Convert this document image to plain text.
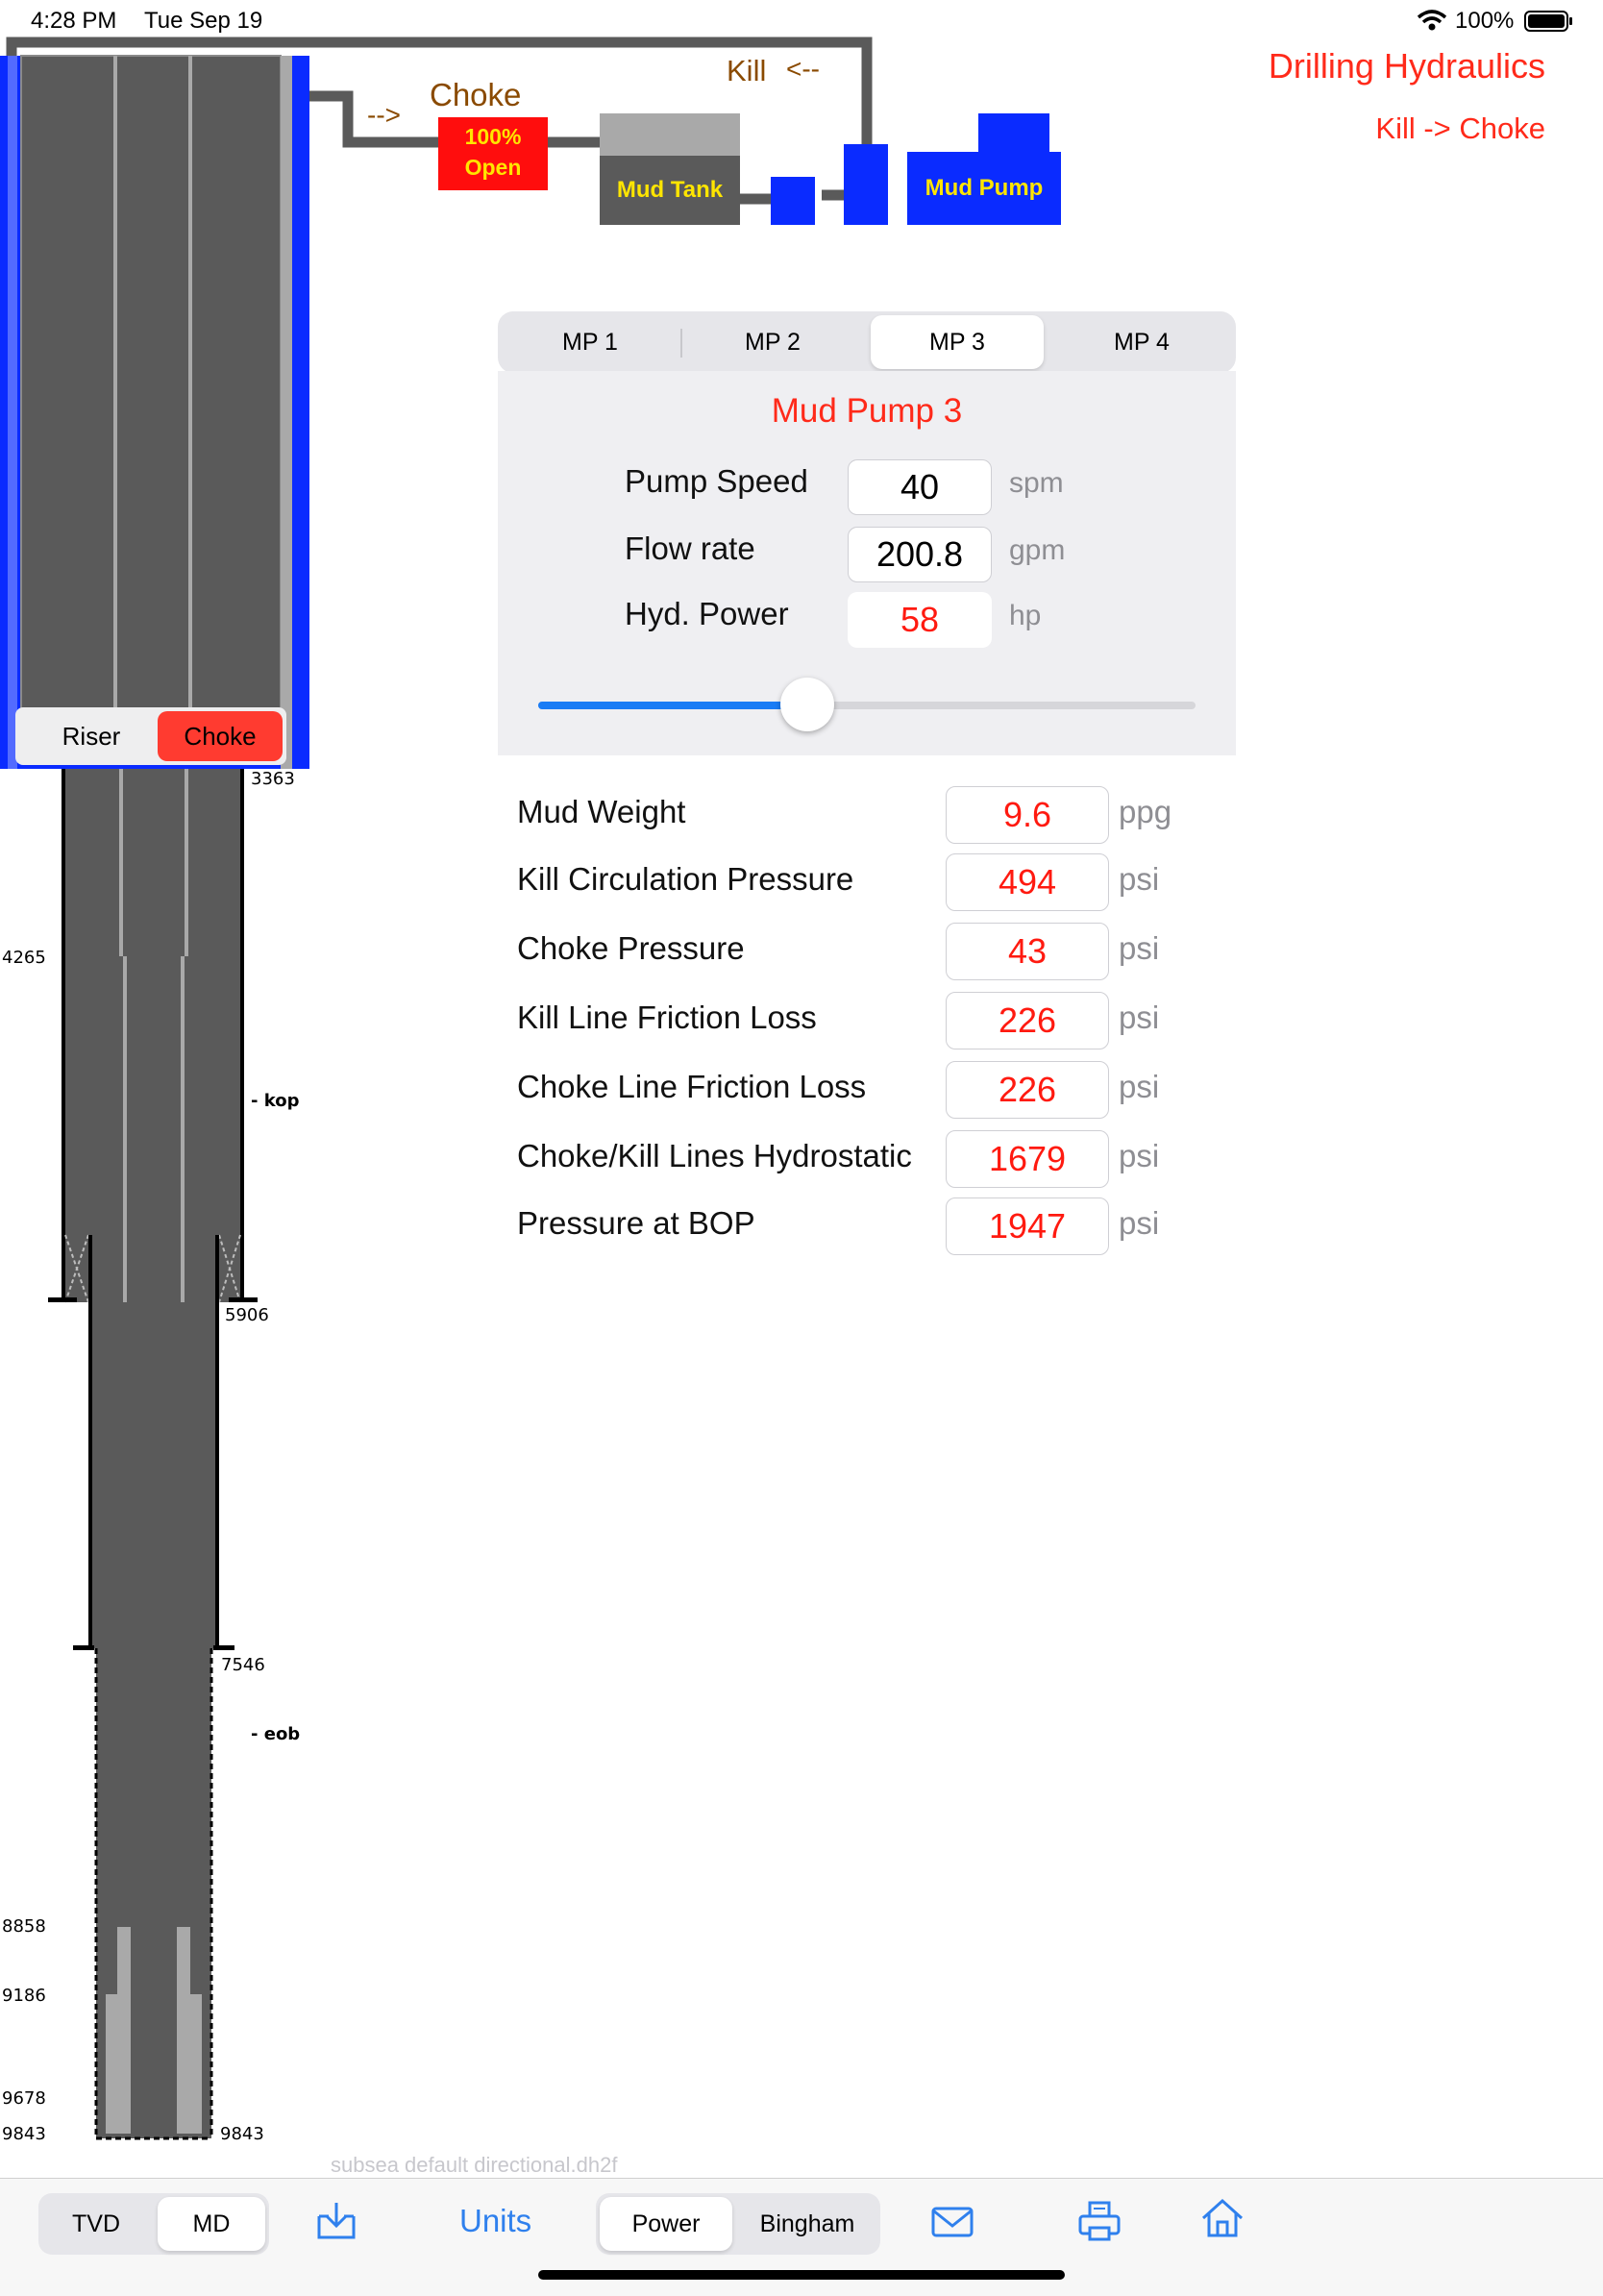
4:28 PM Tue Sep 19	100%
Drilling Hydraulics
Kill -> Choke
100%
Open
Choke
-->
Kill <--
Mud Tank	Mud Pump
Riser	Choke
3363
4265
- kop
5906
7546
- eob
8858
9186
9678
9843	9843
MP 1	MP 2	MP 3	MP 4
Mud Pump 3
Pump Speed	40	spm
Flow rate	200.8	gpm
Hyd. Power	58	hp
Mud Weight	9.6	ppg
Kill Circulation Pressure	494	psi
Choke Pressure	43	psi
Kill Line Friction Loss	226	psi
Choke Line Friction Loss	226	psi
Choke/Kill Lines Hydrostatic	1679	psi
Pressure at BOP	1947	psi
subsea default directional.dh2f
TVD	MD	Units	Power	Bingham
